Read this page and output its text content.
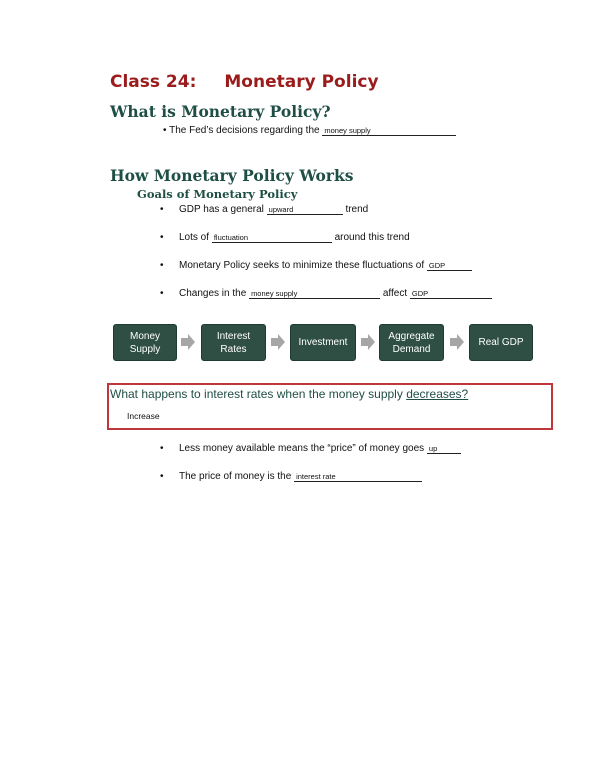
Class 24: Monetary Policy
What is Monetary Policy?
• The Fed’s decisions regarding the money supply
How Monetary Policy Works
Goals of Monetary Policy
• GDP has a general upward	trend
• Lots of fluctuation	around this trend
• Monetary Policy seeks to minimize these fluctuations of GDP
• Changes in the money supply	affect GDP
Money
Supply
Interest
Rates
Investment
Aggregate
Demand
Real GDP
What happens to interest rates when the money supply decreases?
Increase
• Less money available means the “price” of money goes up
• The price of money is the interest rate
